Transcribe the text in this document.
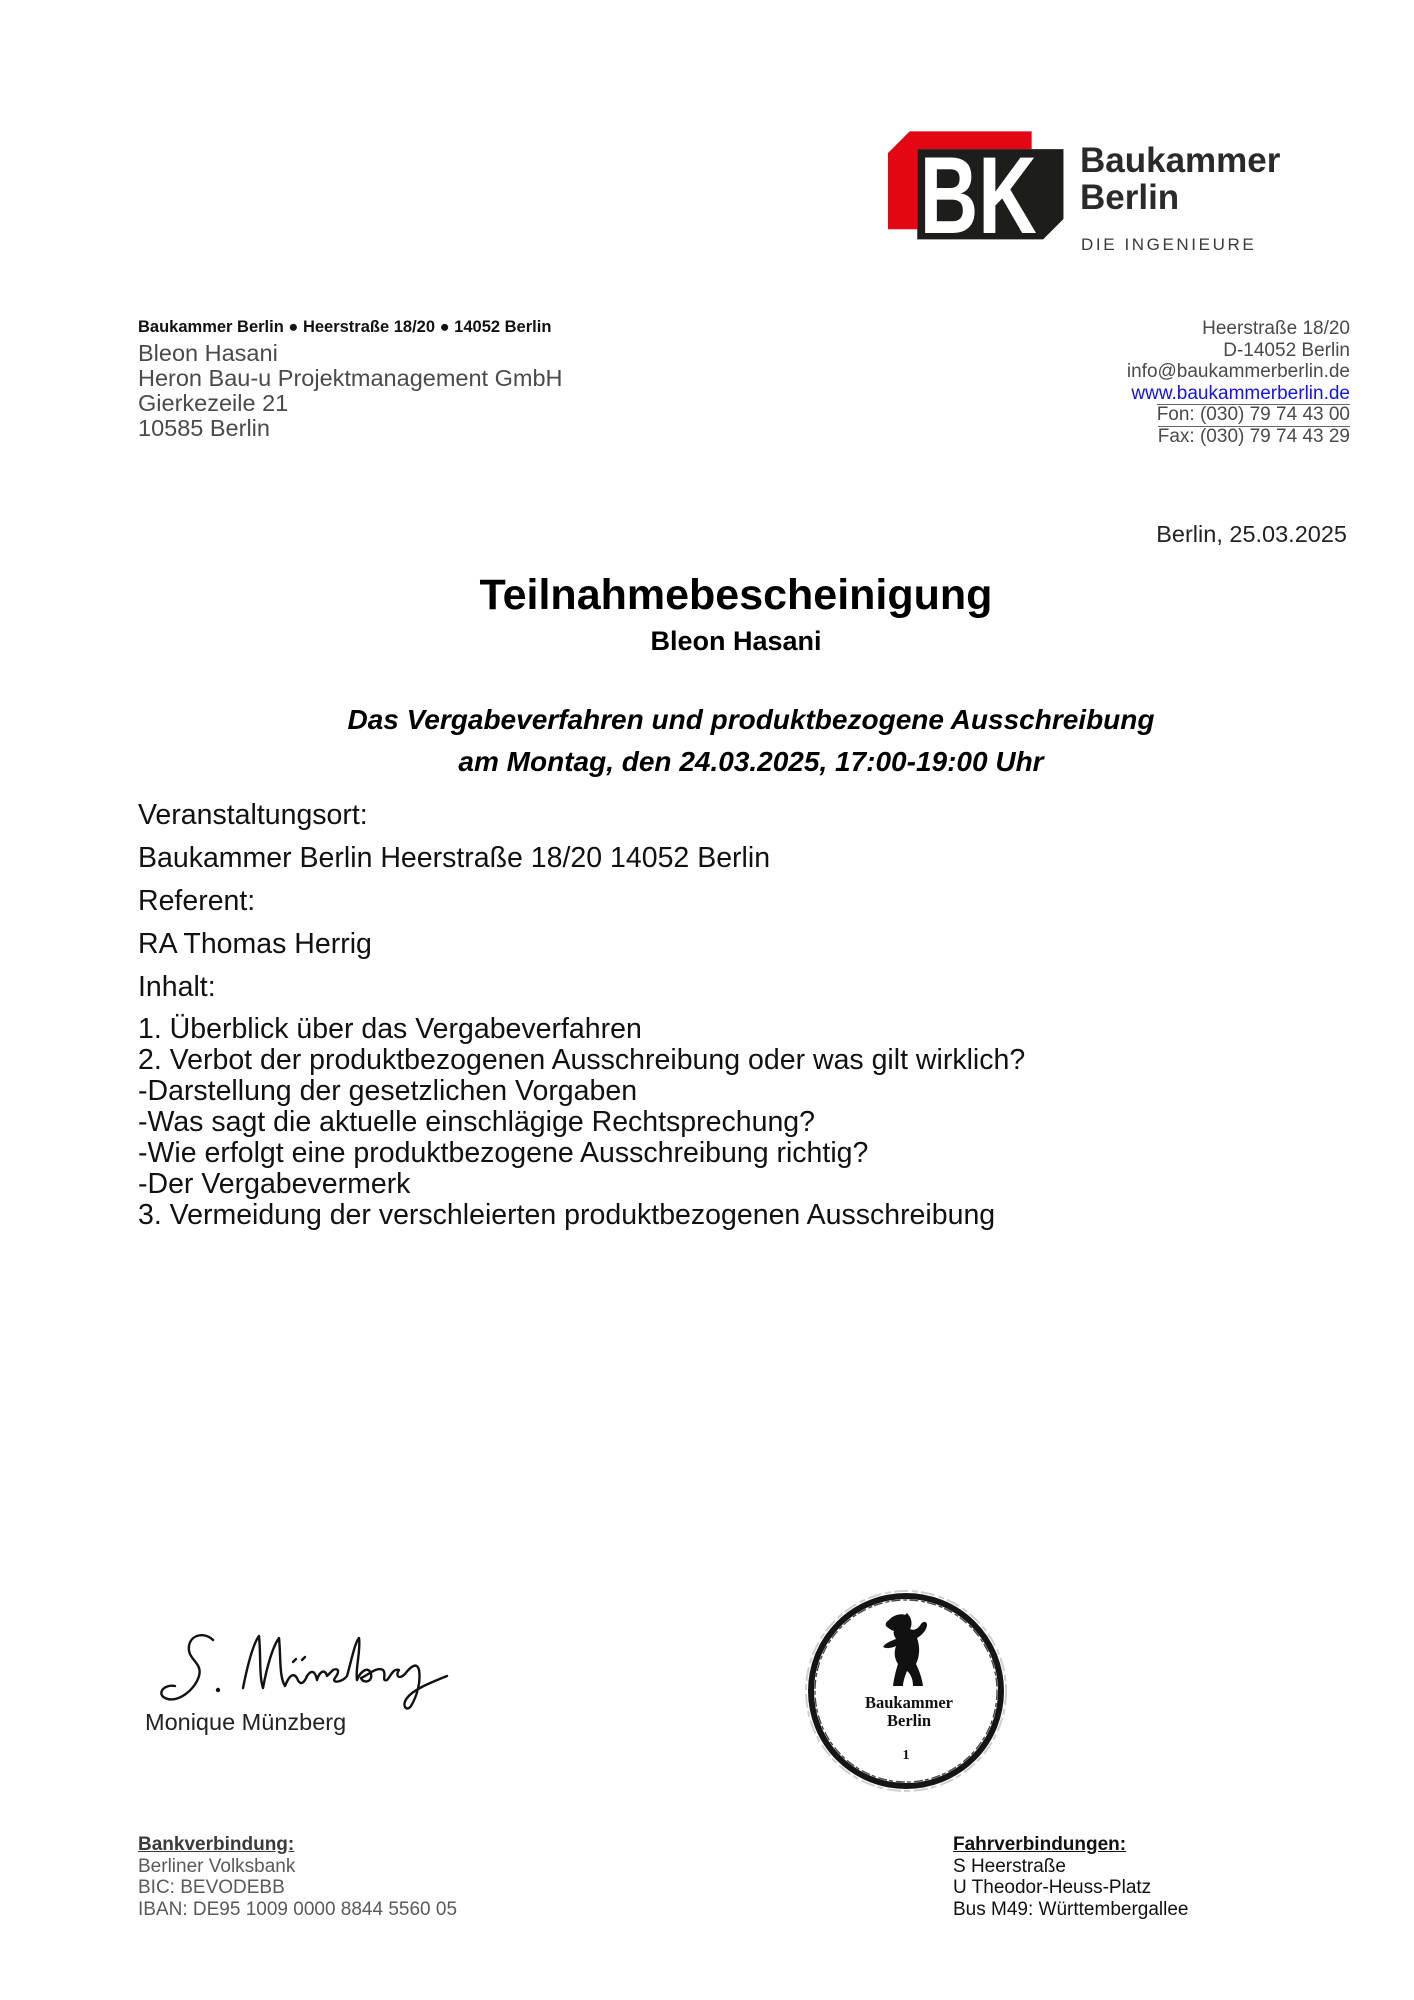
BK Baukammer
Berlin
DIE INGENIEURE
Baukammer Berlin ● Heerstraße 18/20 ● 14052 Berlin
Bleon Hasani
Heron Bau-u Projektmanagement GmbH
Gierkezeile 21
10585 Berlin
Heerstraße 18/20
D-14052 Berlin
info@baukammerberlin.de
www.baukammerberlin.de
Fon: (030) 79 74 43 00
Fax: (030) 79 74 43 29
Berlin, 25.03.2025
Teilnahmebescheinigung
Bleon Hasani
Das Vergabeverfahren und produktbezogene Ausschreibung
am Montag, den 24.03.2025, 17:00-19:00 Uhr
Veranstaltungsort:
Baukammer Berlin Heerstraße 18/20 14052 Berlin
Referent:
RA Thomas Herrig
Inhalt:
1. Überblick über das Vergabeverfahren
2. Verbot der produktbezogenen Ausschreibung oder was gilt wirklich?
-Darstellung der gesetzlichen Vorgaben
-Was sagt die aktuelle einschlägige Rechtsprechung?
-Wie erfolgt eine produktbezogene Ausschreibung richtig?
-Der Vergabevermerk
3. Vermeidung der verschleierten produktbezogenen Ausschreibung
Monique Münzberg
Baukammer
Berlin
1
Bankverbindung:
Berliner Volksbank
BIC: BEVODEBB
IBAN: DE95 1009 0000 8844 5560 05
Fahrverbindungen:
S Heerstraße
U Theodor-Heuss-Platz
Bus M49: Württembergallee
